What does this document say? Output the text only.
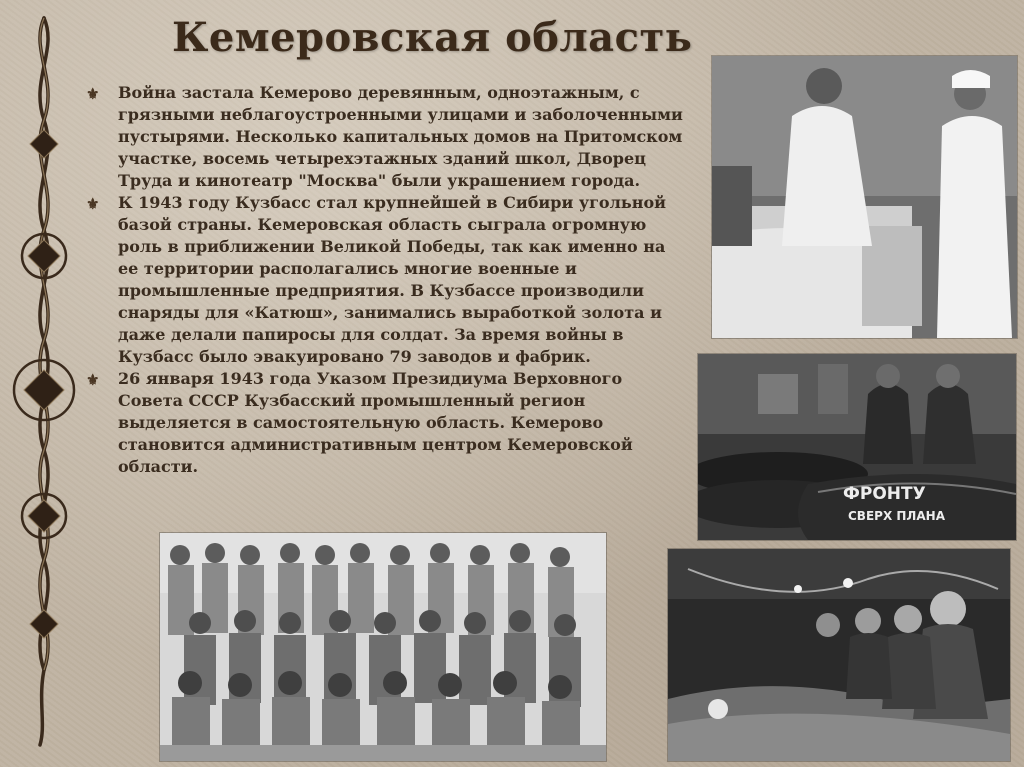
Кемеровская область
⚜ Война застала Кемерово деревянным, одноэтажным, с грязными неблагоустроенными улицами и заболоченными пустырями. Несколько капитальных домов на Притомском участке, восемь четырехэтажных зданий школ, Дворец Труда и кинотеатр "Москва" были украшением города.
⚜ К 1943 году Кузбасс стал крупнейшей в Сибири угольной базой страны. Кемеровская область сыграла огромную роль в приближении Великой Победы, так как именно на ее территории располагались многие военные и промышленные предприятия. В Кузбассе производили снаряды для «Катюш», занимались выработкой золота и даже делали папиросы для солдат. За время войны в Кузбасс было эвакуировано 79 заводов и фабрик.
⚜ 26 января 1943 года Указом Президиума Верховного Совета СССР Кузбасский промышленный регион выделяется в самостоятельную область. Кемерово становится административным центром Кемеровской области.
ФРОНТУ
СВЕРХ ПЛАНА
